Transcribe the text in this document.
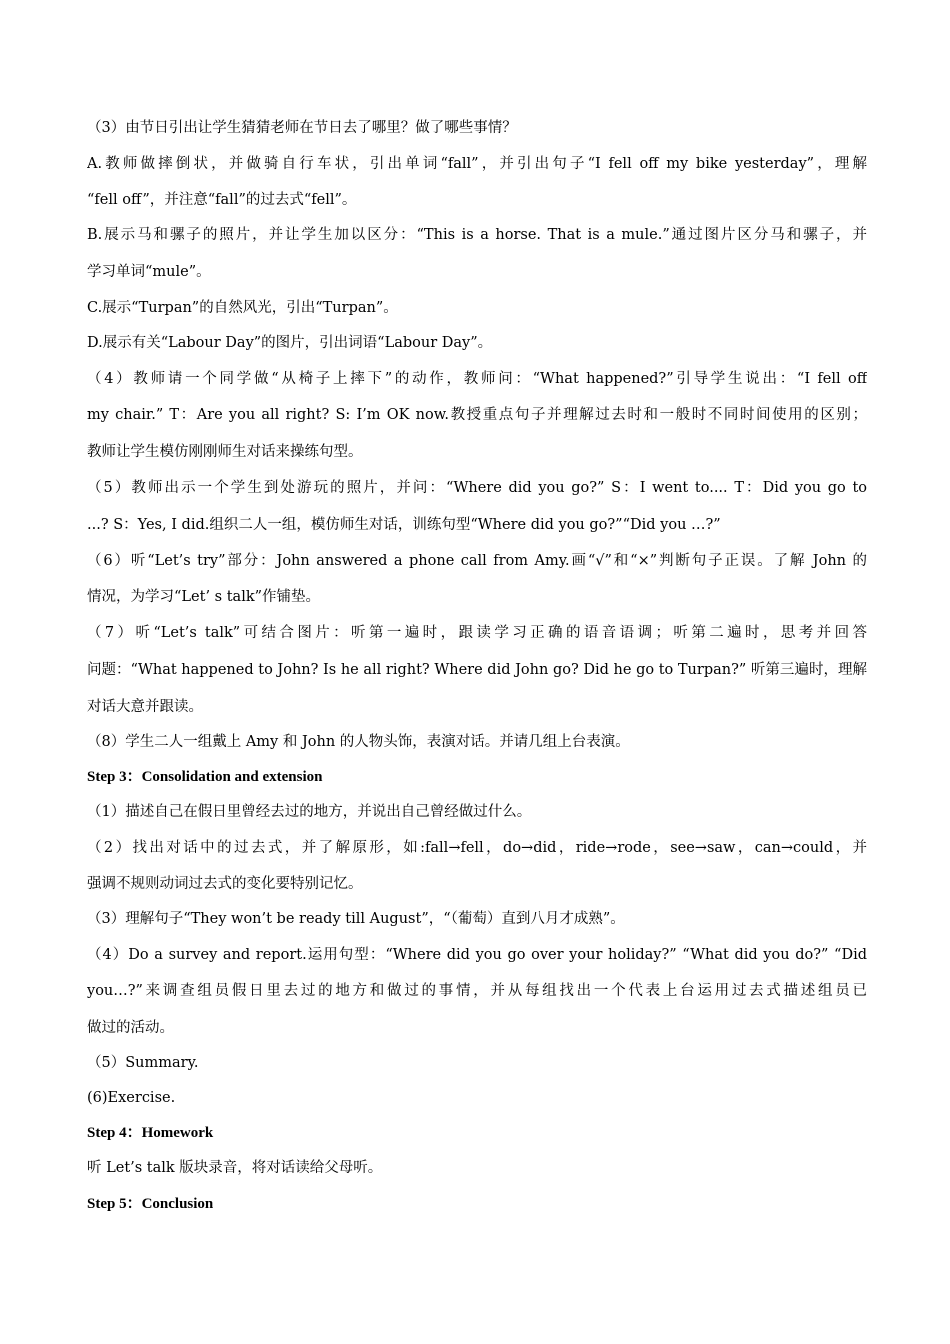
（3）由节日引出让学生猜猜老师在节日去了哪里？做了哪些事情？
A.教师做摔倒状，并做骑自行车状，引出单词“fall”，并引出句子“I fell off my bike yesterday”，理解
“fell off”，并注意“fall”的过去式“fell”。
B.展示马和骡子的照片，并让学生加以区分：“This is a horse. That is a mule.”通过图片区分马和骡子，并
学习单词“mule”。
C.展示“Turpan”的自然风光，引出“Turpan”。
D.展示有关“Labour Day”的图片，引出词语“Labour Day”。
（4）教师请一个同学做“从椅子上摔下”的动作，教师问：“What happened?”引导学生说出：“I fell off
my chair.” T：Are you all right? S: I’m OK now.教授重点句子并理解过去时和一般时不同时间使用的区别；
教师让学生模仿刚刚师生对话来操练句型。
（5）教师出示一个学生到处游玩的照片，并问：“Where did you go?” S：I went to.... T：Did you go to
...? S：Yes, I did.组织二人一组，模仿师生对话，训练句型“Where did you go?”“Did you …?”
（6）听“Let’s try”部分：John answered a phone call from Amy.画“√”和“×”判断句子正误。了解 John 的
情况，为学习“Let’ s talk”作铺垫。
（7）听“Let’s talk”可结合图片：听第一遍时，跟读学习正确的语音语调；听第二遍时，思考并回答
问题：“What happened to John? Is he all right? Where did John go? Did he go to Turpan?” 听第三遍时，理解
对话大意并跟读。
（8）学生二人一组戴上 Amy 和 John 的人物头饰，表演对话。并请几组上台表演。
Step 3：Consolidation and extension
（1）描述自己在假日里曾经去过的地方，并说出自己曾经做过什么。
（2）找出对话中的过去式，并了解原形，如:fall→fell，do→did，ride→rode，see→saw，can→could，并
强调不规则动词过去式的变化要特别记忆。
（3）理解句子“They won’t be ready till August”，“（葡萄）直到八月才成熟”。
（4）Do a survey and report.运用句型：“Where did you go over your holiday?” “What did you do?” “Did
you…?”来调查组员假日里去过的地方和做过的事情，并从每组找出一个代表上台运用过去式描述组员已
做过的活动。
（5）Summary.
(6)Exercise.
Step 4：Homework
听 Let’s talk 版块录音，将对话读给父母听。
Step 5：Conclusion
